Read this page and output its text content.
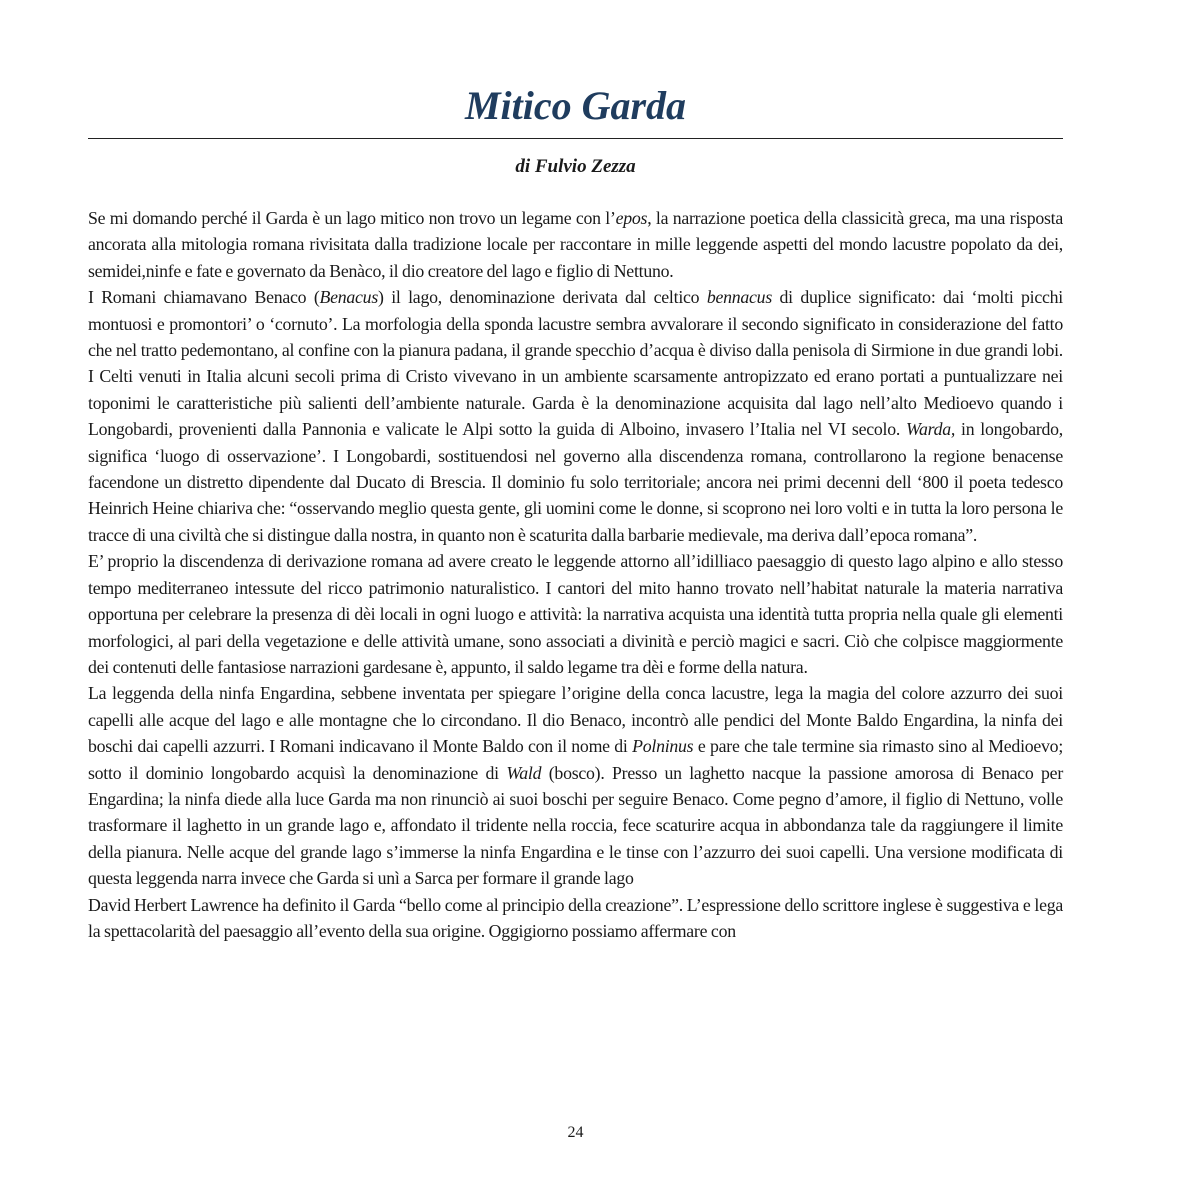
Mitico Garda
di Fulvio Zezza

Se mi domando perché il Garda è un lago mitico non trovo un legame con l’epos, la narrazione poetica della classicità greca, ma una risposta ancorata alla mitologia romana rivisitata dalla tradizione locale per raccontare in mille leggende aspetti del mondo lacustre popolato da dei, semidei,ninfe e fate e governato da Benàco, il dio creatore del lago e figlio di Nettuno.

I Romani chiamavano Benaco (Benacus) il lago, denominazione derivata dal celtico bennacus di duplice significato: dai ‘molti picchi montuosi e promontori’ o ‘cornuto’. La morfologia della sponda lacustre sembra avvalorare il secondo significato in considerazione del fatto che nel tratto pedemontano, al confine con la pianura padana, il grande specchio d’acqua è diviso dalla penisola di Sirmione in due grandi lobi. I Celti venuti in Italia alcuni secoli prima di Cristo vivevano in un ambiente scarsamente antropizzato ed erano portati a puntualizzare nei toponimi le caratteristiche più salienti dell’ambiente naturale. Garda è la denominazione acquisita dal lago nell’alto Medioevo quando i Longobardi, provenienti dalla Pannonia e valicate le Alpi sotto la guida di Alboino, invasero l’Italia nel VI secolo. Warda, in longobardo, significa ‘luogo di osservazione’. I Longobardi, sostituendosi nel governo alla discendenza romana, controllarono la regione benacense facendone un distretto dipendente dal Ducato di Brescia. Il dominio fu solo territoriale; ancora nei primi decenni dell ‘800 il poeta tedesco Heinrich Heine chiariva che: “osservando meglio questa gente, gli uomini come le donne, si scoprono nei loro volti e in tutta la loro persona le tracce di una civiltà che si distingue dalla nostra, in quanto non è scaturita dalla barbarie medievale, ma deriva dall’epoca romana”.

E’ proprio la discendenza di derivazione romana ad avere creato le leggende attorno all’idilliaco paesaggio di questo lago alpino e allo stesso tempo mediterraneo intessute del ricco patrimonio naturalistico. I cantori del mito hanno trovato nell’habitat naturale la materia narrativa opportuna per celebrare la presenza di dèi locali in ogni luogo e attività: la narrativa acquista una identità tutta propria nella quale gli elementi morfologici, al pari della vegetazione e delle attività umane, sono associati a divinità e perciò magici e sacri. Ciò che colpisce maggiormente dei contenuti delle fantasiose narrazioni gardesane è, appunto, il saldo legame tra dèi e forme della natura.

La leggenda della ninfa Engardina, sebbene inventata per spiegare l’origine della conca lacustre, lega la magia del colore azzurro dei suoi capelli alle acque del lago e alle montagne che lo circondano. Il dio Benaco, incontrò alle pendici del Monte Baldo Engardina, la ninfa dei boschi dai capelli azzurri. I Romani indicavano il Monte Baldo con il nome di Polninus e pare che tale termine sia rimasto sino al Medioevo; sotto il dominio longobardo acquisì la denominazione di Wald (bosco). Presso un laghetto nacque la passione amorosa di Benaco per Engardina; la ninfa diede alla luce Garda ma non rinunciò ai suoi boschi per seguire Benaco. Come pegno d’amore, il figlio di Nettuno, volle trasformare il laghetto in un grande lago e, affondato il tridente nella roccia, fece scaturire acqua in abbondanza tale da raggiungere il limite della pianura. Nelle acque del grande lago s’immerse la ninfa Engardina e le tinse con l’azzurro dei suoi capelli. Una versione modificata di questa leggenda narra invece che Garda si unì a Sarca per formare il grande lago

David Herbert Lawrence ha definito il Garda “bello come al principio della creazione”. L’espressione dello scrittore inglese è suggestiva e lega la spettacolarità del paesaggio all’evento della sua origine. Oggigiorno possiamo affermare con

24
